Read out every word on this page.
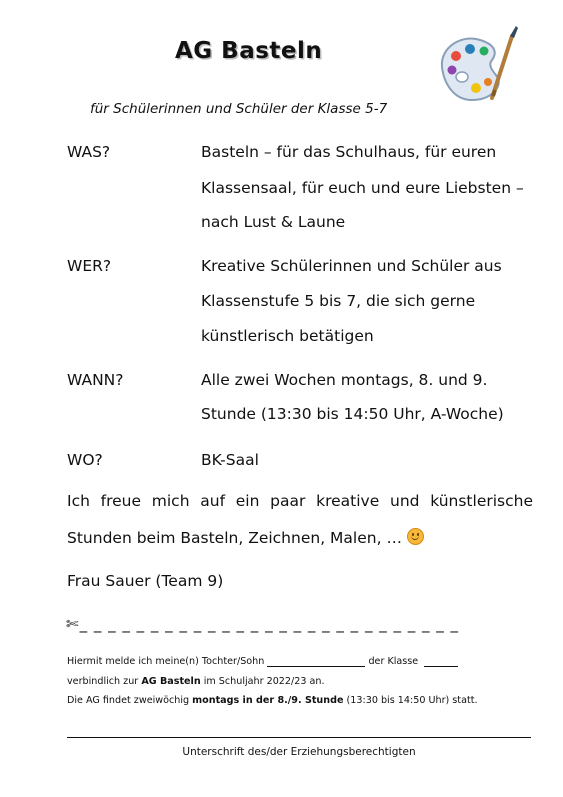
AG Basteln
für Schülerinnen und Schüler der Klasse 5-7
WAS?	Basteln – für das Schulhaus, für euren
Klassensaal, für euch und eure Liebsten –
nach Lust & Laune
WER?	Kreative Schülerinnen und Schüler aus
Klassenstufe 5 bis 7, die sich gerne
künstlerisch betätigen
WANN?	Alle zwei Wochen montags, 8. und 9.
Stunde (13:30 bis 14:50 Uhr, A-Woche)
WO?	BK-Saal
Ich freue mich auf ein paar kreative und künstlerische
Stunden beim Basteln, Zeichnen, Malen, …
Frau Sauer (Team 9)
✄_ _ _ _ _ _ _ _ _ _ _ _ _ _ _ _ _ _ _ _ _ _ _ _ _ _ _
Hiermit melde ich meine(n) Tochter/Sohn	der Klasse
verbindlich zur AG Basteln im Schuljahr 2022/23 an.
Die AG findet zweiwöchig montags in der 8./9. Stunde (13:30 bis 14:50 Uhr) statt.
Unterschrift des/der Erziehungsberechtigten
